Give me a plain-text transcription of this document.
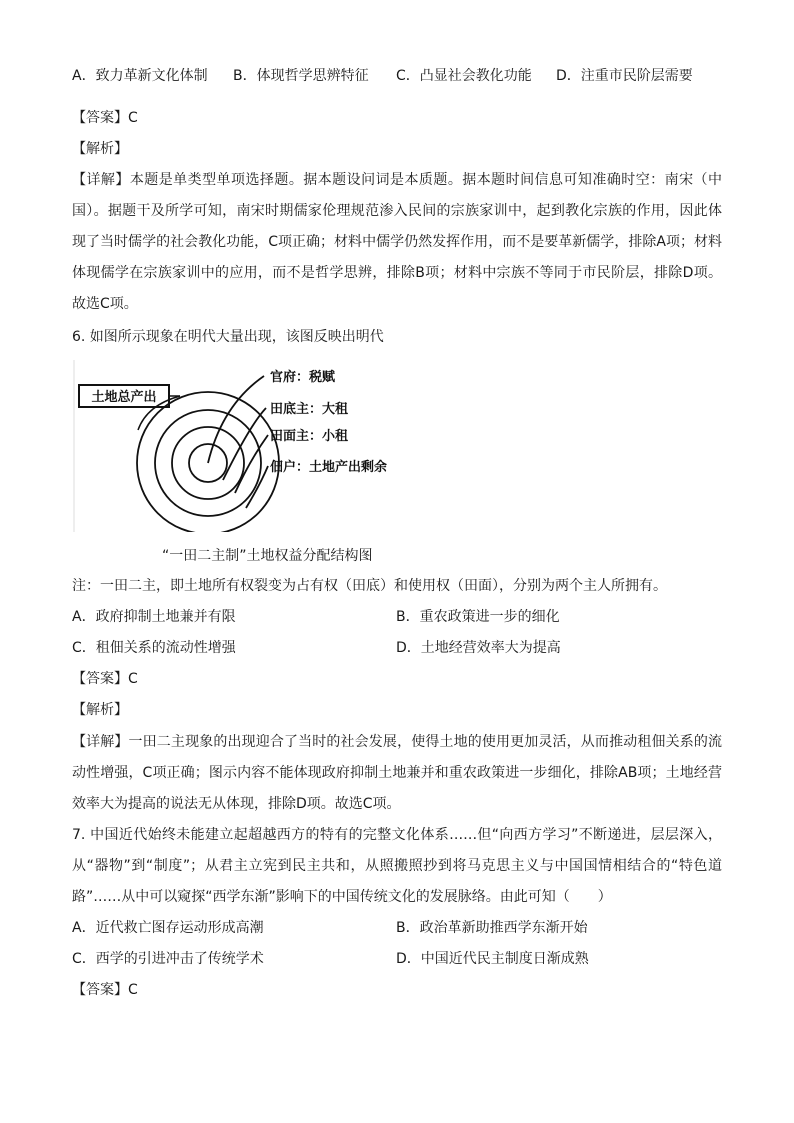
A．致力革新文化体制 B．体现哲学思辨特征 C．凸显社会教化功能 D．注重市民阶层需要
【答案】C
【解析】
【详解】本题是单类型单项选择题。据本题设问词是本质题。据本题时间信息可知准确时空：南宋（中国）。据题干及所学可知，南宋时期儒家伦理规范渗入民间的宗族家训中，起到教化宗族的作用，因此体现了当时儒学的社会教化功能，C项正确；材料中儒学仍然发挥作用，而不是要革新儒学，排除A项；材料体现儒学在宗族家训中的应用，而不是哲学思辨，排除B项；材料中宗族不等同于市民阶层，排除D项。故选C项。
6. 如图所示现象在明代大量出现，该图反映出明代
土地总产出
官府：税赋
田底主：大租
田面主：小租
佃户：土地产出剩余
“一田二主制”土地权益分配结构图
注：一田二主，即土地所有权裂变为占有权（田底）和使用权（田面），分别为两个主人所拥有。
A．政府抑制土地兼并有限	B．重农政策进一步的细化
C．租佃关系的流动性增强	D．土地经营效率大为提高
【答案】C
【解析】
【详解】一田二主现象的出现迎合了当时的社会发展，使得土地的使用更加灵活，从而推动租佃关系的流动性增强，C项正确；图示内容不能体现政府抑制土地兼并和重农政策进一步细化，排除AB项；土地经营效率大为提高的说法无从体现，排除D项。故选C项。
7. 中国近代始终未能建立起超越西方的特有的完整文化体系……但“向西方学习”不断递进，层层深入，从“器物”到“制度”；从君主立宪到民主共和，从照搬照抄到将马克思主义与中国国情相结合的“特色道路”……从中可以窥探“西学东渐”影响下的中国传统文化的发展脉络。由此可知（　　）
A．近代救亡图存运动形成高潮	B．政治革新助推西学东渐开始
C．西学的引进冲击了传统学术	D．中国近代民主制度日渐成熟
【答案】C
